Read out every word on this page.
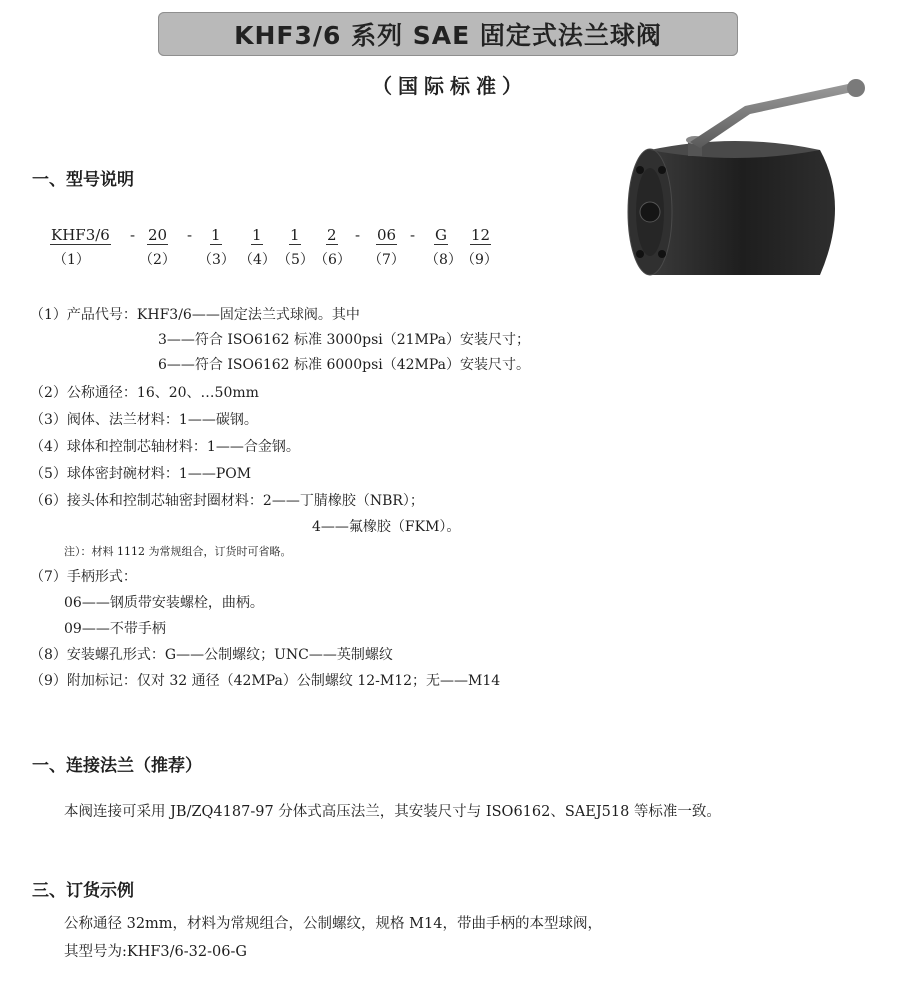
KHF3/6 系列 SAE 固定式法兰球阀
（国际标准）
一、型号说明
KHF3/6
（1）
- 20
（2）
- 1
（3）
1
（4）
1
（5）
2
（6）
- 06
（7）
- G
（8）
12
（9）
（1）产品代号：KHF3/6——固定法兰式球阀。其中
3——符合 ISO6162 标准 3000psi（21MPa）安装尺寸；
6——符合 ISO6162 标准 6000psi（42MPa）安装尺寸。
（2）公称通径：16、20、…50mm
（3）阀体、法兰材料：1——碳钢。
（4）球体和控制芯轴材料：1——合金钢。
（5）球体密封碗材料：1——POM
（6）接头体和控制芯轴密封圈材料：2——丁腈橡胶（NBR）；
4——氟橡胶（FKM）。
注）：材料 1112 为常规组合，订货时可省略。
（7）手柄形式：
06——钢质带安装螺栓，曲柄。
09——不带手柄
（8）安装螺孔形式：G——公制螺纹；UNC——英制螺纹
（9）附加标记：仅对 32 通径（42MPa）公制螺纹 12-M12；无——M14
一、连接法兰（推荐）
本阀连接可采用 JB/ZQ4187-97 分体式高压法兰，其安装尺寸与 ISO6162、SAEJ518 等标准一致。
三、订货示例
公称通径 32mm，材料为常规组合，公制螺纹，规格 M14，带曲手柄的本型球阀，
其型号为:KHF3/6-32-06-G
